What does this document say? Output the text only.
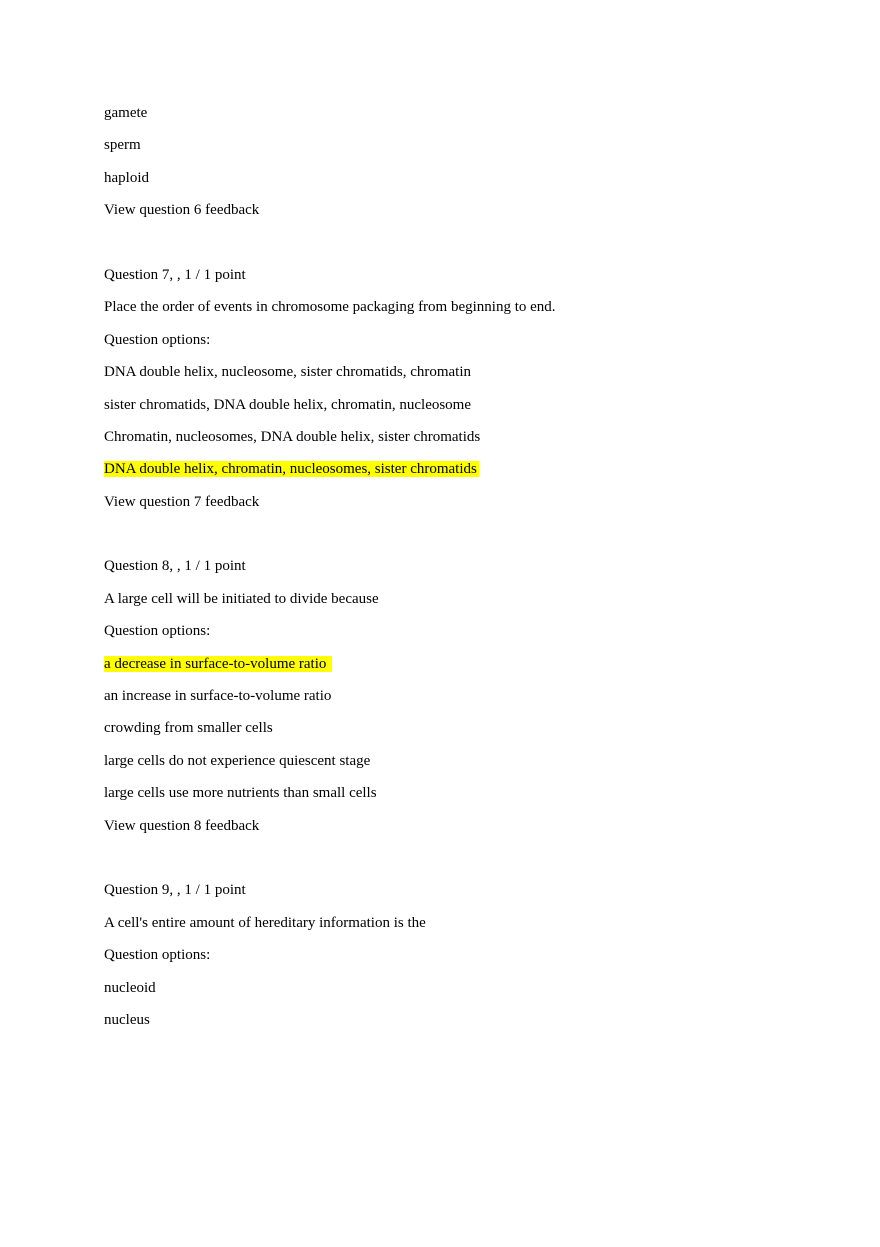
gamete
sperm
haploid
View question 6 feedback
Question 7, , 1 / 1 point
Place the order of events in chromosome packaging from beginning to end.
Question options:
DNA double helix, nucleosome, sister chromatids, chromatin
sister chromatids, DNA double helix, chromatin, nucleosome
Chromatin, nucleosomes, DNA double helix, sister chromatids
DNA double helix, chromatin, nucleosomes, sister chromatids
View question 7 feedback
Question 8, , 1 / 1 point
A large cell will be initiated to divide because
Question options:
a decrease in surface-to-volume ratio
an increase in surface-to-volume ratio
crowding from smaller cells
large cells do not experience quiescent stage
large cells use more nutrients than small cells
View question 8 feedback
Question 9, , 1 / 1 point
A cell's entire amount of hereditary information is the
Question options:
nucleoid
nucleus
